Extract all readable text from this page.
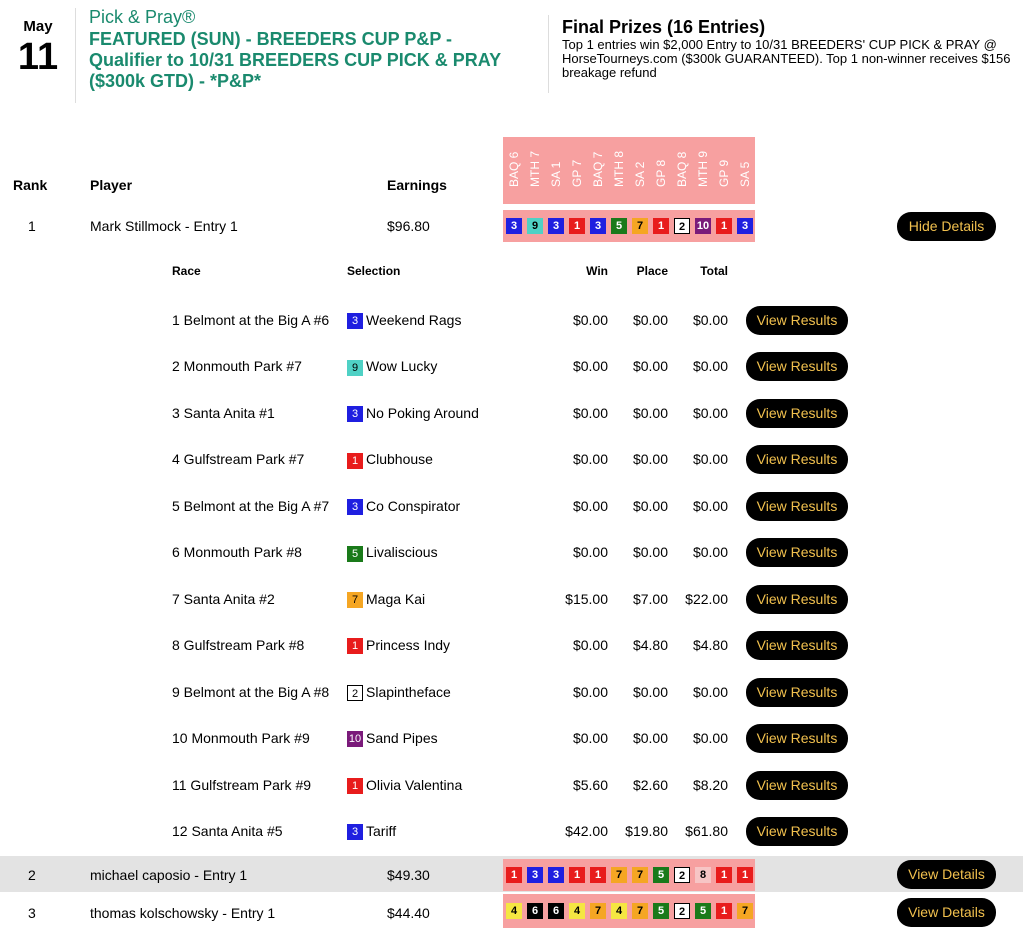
May
11
Pick & Pray®
FEATURED (SUN) - BREEDERS CUP P&P - Qualifier to 10/31 BREEDERS CUP PICK & PRAY ($300k GTD) - *P&P*
Final Prizes (16 Entries)
Top 1 entries win $2,000 Entry to 10/31 BREEDERS' CUP PICK & PRAY @ HorseTourneys.com ($300k GUARANTEED). Top 1 non-winner receives $156 breakage refund
BAQ 6 MTH 7 SA 1 GP 7 BAQ 7 MTH 8 SA 2 GP 8 BAQ 8 MTH 9 GP 9 SA 5
Rank	Player	Earnings
1	Mark Stillmock - Entry 1	$96.80	3	9	3	1	3	5	7	1	2	10	1	3	Hide Details
2	michael caposio - Entry 1	$49.30	1	3	3	1	1	7	7	5	2	8	1	1	View Details
3	thomas kolschowsky - Entry 1	$44.40	4	6	6	4	7	4	7	5	2	5	1	7	View Details
Race	Selection	Win	Place	Total
1 Belmont at the Big A #6	3 Weekend Rags	$0.00	$0.00	$0.00	View Results
2 Monmouth Park #7	9 Wow Lucky	$0.00	$0.00	$0.00	View Results
3 Santa Anita #1	3 No Poking Around	$0.00	$0.00	$0.00	View Results
4 Gulfstream Park #7	1 Clubhouse	$0.00	$0.00	$0.00	View Results
5 Belmont at the Big A #7	3 Co Conspirator	$0.00	$0.00	$0.00	View Results
6 Monmouth Park #8	5 Livaliscious	$0.00	$0.00	$0.00	View Results
7 Santa Anita #2	7 Maga Kai	$15.00	$7.00	$22.00	View Results
8 Gulfstream Park #8	1 Princess Indy	$0.00	$4.80	$4.80	View Results
9 Belmont at the Big A #8	2 Slapintheface	$0.00	$0.00	$0.00	View Results
10 Monmouth Park #9	10 Sand Pipes	$0.00	$0.00	$0.00	View Results
11 Gulfstream Park #9	1 Olivia Valentina	$5.60	$2.60	$8.20	View Results
12 Santa Anita #5	3 Tariff	$42.00	$19.80	$61.80	View Results
